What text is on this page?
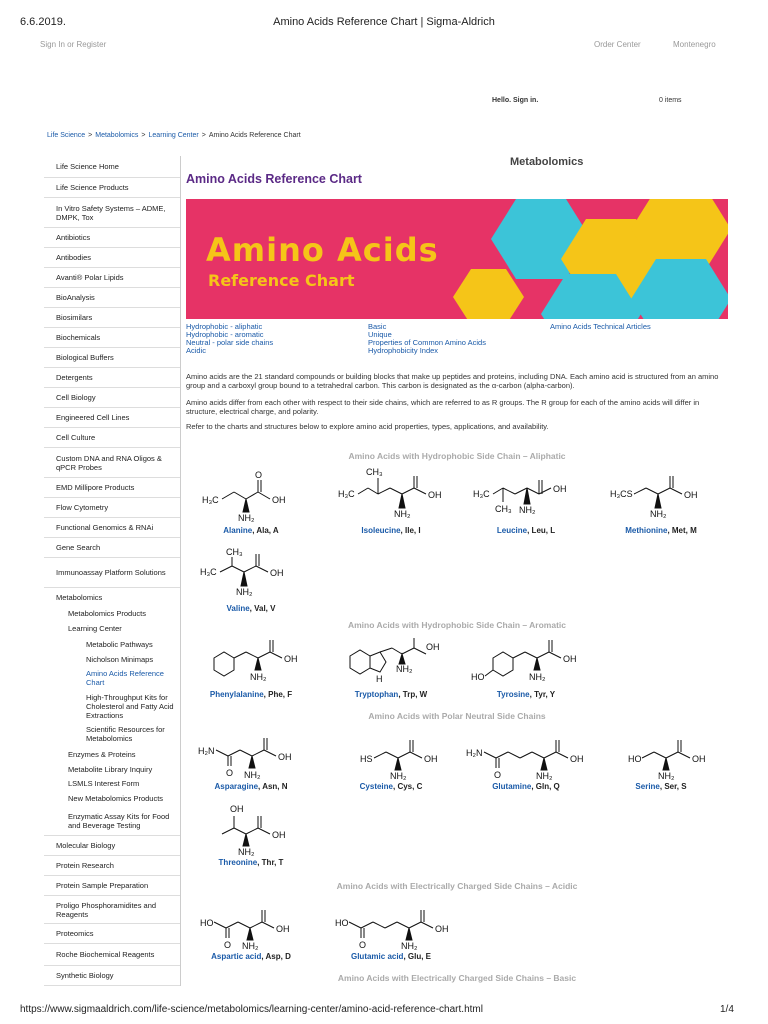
6.6.2019.	Amino Acids Reference Chart | Sigma-Aldrich
Sign In or Register	Order Center	Montenegro
Hello. Sign in.	0 items
Life Science > Metabolomics > Learning Center > Amino Acids Reference Chart
Life Science Home
Life Science Products
In Vitro Safety Systems – ADME, DMPK, Tox
Antibiotics
Antibodies
Avanti® Polar Lipids
BioAnalysis
Biosimilars
Biochemicals
Biological Buffers
Detergents
Cell Biology
Engineered Cell Lines
Cell Culture
Custom DNA and RNA Oligos & qPCR Probes
EMD Millipore Products
Flow Cytometry
Functional Genomics & RNAi
Gene Search
Immunoassay Platform Solutions
Metabolomics
Metabolomics Products
Learning Center
Metabolic Pathways
Nicholson Minimaps
Amino Acids Reference Chart
High-Throughput Kits for Cholesterol and Fatty Acid Extractions
Scientific Resources for Metabolomics
Enzymes & Proteins
Metabolite Library Inquiry
LSMLS Interest Form
New Metabolomics Products
Enzymatic Assay Kits for Food and Beverage Testing
Molecular Biology
Protein Research
Protein Sample Preparation
Proligo Phosphoramidites and Reagents
Proteomics
Roche Biochemical Reagents
Synthetic Biology
Metabolomics
Amino Acids Reference Chart
Amino Acids
Reference Chart
Hydrophobic - aliphatic
Hydrophobic - aromatic
Neutral - polar side chains
Acidic
Basic
Unique
Properties of Common Amino Acids
Hydrophobicity Index
Amino Acids Technical Articles
Amino acids are the 21 standard compounds or building blocks that make up peptides and proteins, including DNA. Each amino acid is structured from an amino group and a carboxyl group bound to a tetrahedral carbon. This carbon is designated as the α-carbon (alpha-carbon).
Amino acids differ from each other with respect to their side chains, which are referred to as R groups. The R group for each of the amino acids will differ in structure, electrical charge, and polarity.
Refer to the charts and structures below to explore amino acid properties, types, applications, and availability.
Amino Acids with Hydrophobic Side Chain – Aliphatic
H₃C
O
OH
NH₂
Alanine, Ala, A
CH₃
H₃C	OH
NH₂
Isoleucine, Ile, I
H₃C
CH₃
OH
NH₂
Leucine, Leu, L
H₃CS	OH
NH₂
Methionine, Met, M
CH₃
H₃C	OH
NH₂
Valine, Val, V
Amino Acids with Hydrophobic Side Chain – Aromatic
OH
NH₂
Phenylalanine, Phe, F
H
OH
NH₂
Tryptophan, Trp, W
HO
OH
NH₂
Tyrosine, Tyr, Y
Amino Acids with Polar Neutral Side Chains
H₂N
O
OH
NH₂
Asparagine, Asn, N
HS	OH
NH₂
Cysteine, Cys, C
H₂N
O
OH
NH₂
Glutamine, Gln, Q
HO	OH
NH₂
Serine, Ser, S
OH
OH
NH₂
Threonine, Thr, T
Amino Acids with Electrically Charged Side Chains – Acidic
HO
O
OH
NH₂
Aspartic acid, Asp, D
HO
O
OH
NH₂
Glutamic acid, Glu, E
Amino Acids with Electrically Charged Side Chains – Basic
https://www.sigmaaldrich.com/life-science/metabolomics/learning-center/amino-acid-reference-chart.html	1/4
